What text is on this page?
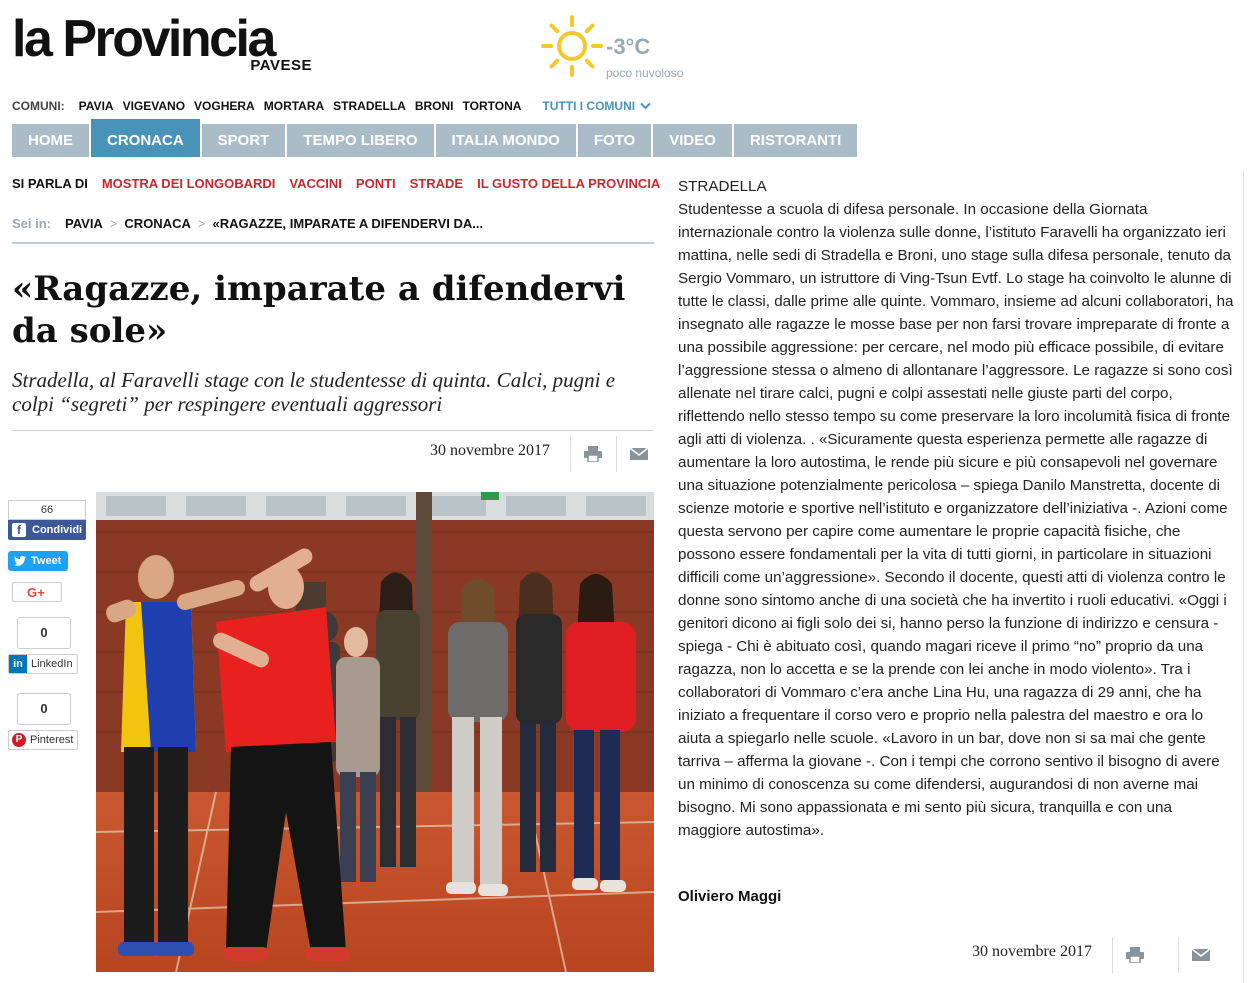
la Provincia
PAVESE
-3°C
poco nuvoloso
COMUNI: PAVIA VIGEVANO VOGHERA MORTARA STRADELLA BRONI TORTONA TUTTI I COMUNI
HOME	CRONACA	SPORT	TEMPO LIBERO	ITALIA MONDO	FOTO	VIDEO	RISTORANTI
SI PARLA DI MOSTRA DEI LONGOBARDI VACCINI PONTI STRADE IL GUSTO DELLA PROVINCIA
Sei in: PAVIA > CRONACA > «RAGAZZE, IMPARATE A DIFENDERVI DA...
«Ragazze, imparate a difendervi da sole»

Stradella, al Faravelli stage con le studentesse di quinta. Calci, pugni e colpi “segreti” per respingere eventuali aggressori

30 novembre 2017
66
f	Condividi
Tweet
G+
0
in LinkedIn
0
P Pinterest

STRADELLA

Studentesse a scuola di difesa personale. In occasione della Giornata internazionale contro la violenza sulle donne, l’istituto Faravelli ha organizzato ieri mattina, nelle sedi di Stradella e Broni, uno stage sulla difesa personale, tenuto da Sergio Vommaro, un istruttore di Ving-Tsun Evtf. Lo stage ha coinvolto le alunne di tutte le classi, dalle prime alle quinte. Vommaro, insieme ad alcuni collaboratori, ha insegnato alle ragazze le mosse base per non farsi trovare impreparate di fronte a una possibile aggressione: per cercare, nel modo più efficace possibile, di evitare l’aggressione stessa o almeno di allontanare l’aggressore. Le ragazze si sono così allenate nel tirare calci, pugni e colpi assestati nelle giuste parti del corpo, riflettendo nello stesso tempo su come preservare la loro incolumità fisica di fronte agli atti di violenza. . «Sicuramente questa esperienza permette alle ragazze di aumentare la loro autostima, le rende più sicure e più consapevoli nel governare una situazione potenzialmente pericolosa – spiega Danilo Manstretta, docente di scienze motorie e sportive nell’istituto e organizzatore dell’iniziativa -. Azioni come questa servono per capire come aumentare le proprie capacità fisiche, che possono essere fondamentali per la vita di tutti giorni, in particolare in situazioni difficili come un’aggressione». Secondo il docente, questi atti di violenza contro le donne sono sintomo anche di una società che ha invertito i ruoli educativi. «Oggi i genitori dicono ai figli solo dei si, hanno perso la funzione di indirizzo e censura - spiega - Chi è abituato così, quando magari riceve il primo “no” proprio da una ragazza, non lo accetta e se la prende con lei anche in modo violento». Tra i collaboratori di Vommaro c’era anche Lina Hu, una ragazza di 29 anni, che ha iniziato a frequentare il corso vero e proprio nella palestra del maestro e ora lo aiuta a spiegarlo nelle scuole. «Lavoro in un bar, dove non si sa mai che gente tarriva – afferma la giovane -. Con i tempi che corrono sentivo il bisogno di avere un minimo di conoscenza su come difendersi, augurandosi di non averne mai bisogno. Mi sono appassionata e mi sento più sicura, tranquilla e con una maggiore autostima».

Oliviero Maggi
30 novembre 2017
